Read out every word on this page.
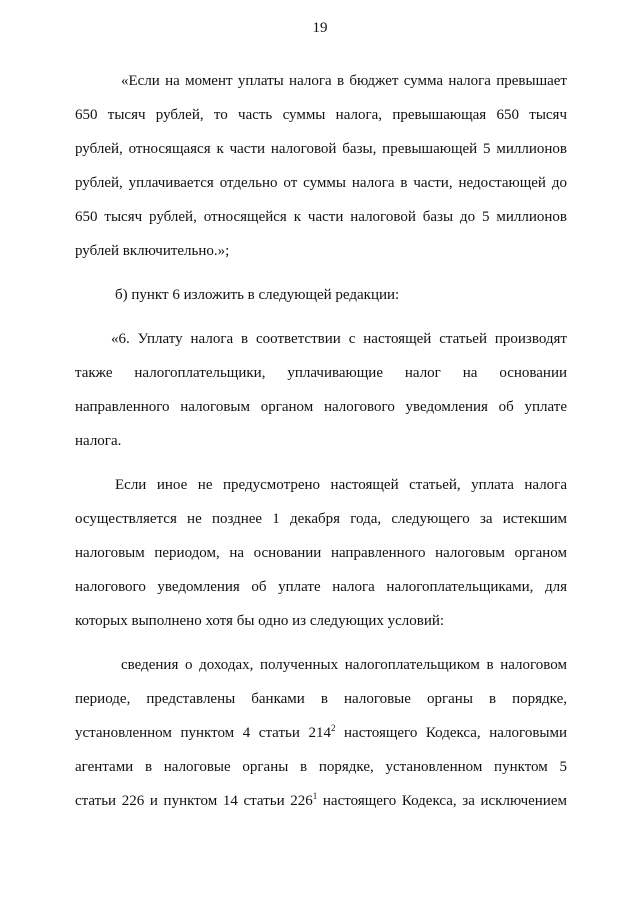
19
«Если на момент уплаты налога в бюджет сумма налога превышает
650 тысяч рублей, то часть суммы налога, превышающая 650 тысяч
рублей, относящаяся к части налоговой базы, превышающей 5 миллионов
рублей, уплачивается отдельно от суммы налога в части, недостающей до
650 тысяч рублей, относящейся к части налоговой базы до 5 миллионов
рублей включительно.»;
б) пункт 6 изложить в следующей редакции:
«6. Уплату налога в соответствии с настоящей статьей производят
также налогоплательщики, уплачивающие налог на основании
направленного налоговым органом налогового уведомления об уплате
налога.
Если иное не предусмотрено настоящей статьей, уплата налога
осуществляется не позднее 1 декабря года, следующего за истекшим
налоговым периодом, на основании направленного налоговым органом
налогового уведомления об уплате налога налогоплательщиками, для
которых выполнено хотя бы одно из следующих условий:
сведения о доходах, полученных налогоплательщиком в налоговом
периоде, представлены банками в налоговые органы в порядке,
установленном пунктом 4 статьи $214^2$ настоящего Кодекса, налоговыми
агентами в налоговые органы в порядке, установленном пунктом 5
статьи 226 и пунктом 14 статьи $226^1$ настоящего Кодекса, за исключением
